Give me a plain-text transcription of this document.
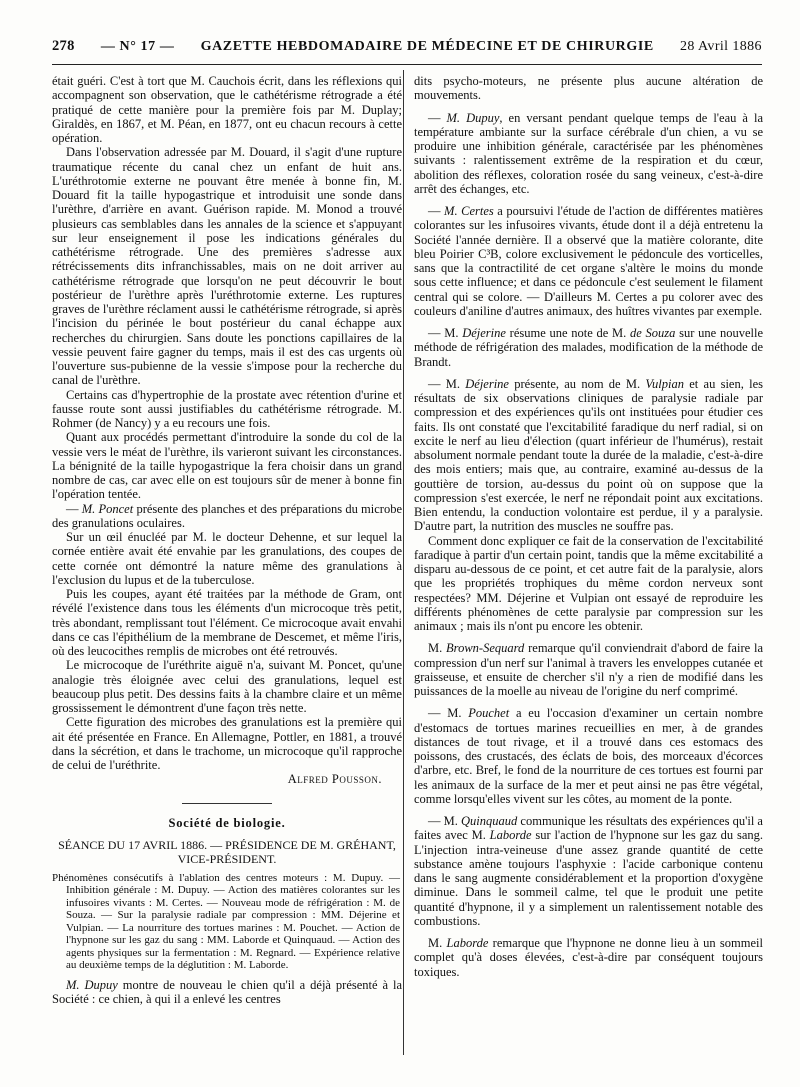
278 — N° 17 — GAZETTE HEBDOMADAIRE DE MÉDECINE ET DE CHIRURGIE 28 Avril 1886

était guéri. C'est à tort que M. Cauchois écrit, dans les réflexions qui accompagnent son observation, que le cathétérisme rétrograde a été pratiqué de cette manière pour la première fois par M. Duplay; Giraldès, en 1867, et M. Péan, en 1877, ont eu chacun recours à cette opération.

Dans l'observation adressée par M. Douard, il s'agit d'une rupture traumatique récente du canal chez un enfant de huit ans. L'uréthrotomie externe ne pouvant être menée à bonne fin, M. Douard fit la taille hypogastrique et introduisit une sonde dans l'urèthre, d'arrière en avant. Guérison rapide. M. Monod a trouvé plusieurs cas semblables dans les annales de la science et s'appuyant sur leur enseignement il pose les indications générales du cathétérisme rétrograde. Une des premières s'adresse aux rétrécissements dits infranchissables, mais on ne doit arriver au cathétérisme rétrograde que lorsqu'on ne peut découvrir le bout postérieur de l'urèthre après l'uréthrotomie externe. Les ruptures graves de l'urèthre réclament aussi le cathétérisme rétrograde, si après l'incision du périnée le bout postérieur du canal échappe aux recherches du chirurgien. Sans doute les ponctions capillaires de la vessie peuvent faire gagner du temps, mais il est des cas urgents où l'ouverture sus-pubienne de la vessie s'impose pour la recherche du canal de l'urèthre.

Certains cas d'hypertrophie de la prostate avec rétention d'urine et fausse route sont aussi justifiables du cathétérisme rétrograde. M. Rohmer (de Nancy) y a eu recours une fois.

Quant aux procédés permettant d'introduire la sonde du col de la vessie vers le méat de l'urèthre, ils varieront suivant les circonstances. La bénignité de la taille hypogastrique la fera choisir dans un grand nombre de cas, car avec elle on est toujours sûr de mener à bonne fin l'opération tentée.

— M. Poncet présente des planches et des préparations du microbe des granulations oculaires.

Sur un œil énucléé par M. le docteur Dehenne, et sur lequel la cornée entière avait été envahie par les granulations, des coupes de cette cornée ont démontré la nature même des granulations à l'exclusion du lupus et de la tuberculose.

Puis les coupes, ayant été traitées par la méthode de Gram, ont révélé l'existence dans tous les éléments d'un microcoque très petit, très abondant, remplissant tout l'élément. Ce microcoque avait envahi dans ce cas l'épithélium de la membrane de Descemet, et même l'iris, où des leucocithes remplis de microbes ont été retrouvés.

Le microcoque de l'uréthrite aiguë n'a, suivant M. Poncet, qu'une analogie très éloignée avec celui des granulations, lequel est beaucoup plus petit. Des dessins faits à la chambre claire et un même grossissement le démontrent d'une façon très nette.

Cette figuration des microbes des granulations est la première qui ait été présentée en France. En Allemagne, Pottler, en 1881, a trouvé dans la sécrétion, et dans le trachome, un microcoque qu'il rapproche de celui de l'uréthrite.

Alfred Pousson.

Société de biologie.
SÉANCE DU 17 AVRIL 1886. — PRÉSIDENCE DE M. GRÉHANT,
VICE-PRÉSIDENT.

Phénomènes consécutifs à l'ablation des centres moteurs : M. Dupuy. — Inhibition générale : M. Dupuy. — Action des matières colorantes sur les infusoires vivants : M. Certes. — Nouveau mode de réfrigération : M. de Souza. — Sur la paralysie radiale par compression : MM. Déjerine et Vulpian. — La nourriture des tortues marines : M. Pouchet. — Action de l'hypnone sur les gaz du sang : MM. Laborde et Quinquaud. — Action des agents physiques sur la fermentation : M. Regnard. — Expérience relative au deuxième temps de la déglutition : M. Laborde.

M. Dupuy montre de nouveau le chien qu'il a déjà présenté à la Société : ce chien, à qui il a enlevé les centres

dits psycho-moteurs, ne présente plus aucune altération de mouvements.

— M. Dupuy, en versant pendant quelque temps de l'eau à la température ambiante sur la surface cérébrale d'un chien, a vu se produire une inhibition générale, caractérisée par les phénomènes suivants : ralentissement extrême de la respiration et du cœur, abolition des réflexes, coloration rosée du sang veineux, c'est-à-dire arrêt des échanges, etc.

— M. Certes a poursuivi l'étude de l'action de différentes matières colorantes sur les infusoires vivants, étude dont il a déjà entretenu la Société l'année dernière. Il a observé que la matière colorante, dite bleu Poirier C³B, colore exclusivement le pédoncule des vorticelles, sans que la contractilité de cet organe s'altère le moins du monde sous cette influence; et dans ce pédoncule c'est seulement le filament central qui se colore. — D'ailleurs M. Certes a pu colorer avec des couleurs d'aniline d'autres animaux, des huîtres vivantes par exemple.

— M. Déjerine résume une note de M. de Souza sur une nouvelle méthode de réfrigération des malades, modification de la méthode de Brandt.

— M. Déjerine présente, au nom de M. Vulpian et au sien, les résultats de six observations cliniques de paralysie radiale par compression et des expériences qu'ils ont instituées pour étudier ces faits. Ils ont constaté que l'excitabilité faradique du nerf radial, si on excite le nerf au lieu d'élection (quart inférieur de l'humérus), restait absolument normale pendant toute la durée de la maladie, c'est-à-dire des mois entiers; mais que, au contraire, examiné au-dessus de la gouttière de torsion, au-dessus du point où on suppose que la compression s'est exercée, le nerf ne répondait point aux excitations. Bien entendu, la conduction volontaire est perdue, il y a paralysie. D'autre part, la nutrition des muscles ne souffre pas.

Comment donc expliquer ce fait de la conservation de l'excitabilité faradique à partir d'un certain point, tandis que la même excitabilité a disparu au-dessous de ce point, et cet autre fait de la paralysie, alors que les propriétés trophiques du même cordon nerveux sont respectées? MM. Déjerine et Vulpian ont essayé de reproduire les différents phénomènes de cette paralysie par compression sur les animaux ; mais ils n'ont pu encore les obtenir.

M. Brown-Sequard remarque qu'il conviendrait d'abord de faire la compression d'un nerf sur l'animal à travers les enveloppes cutanée et graisseuse, et ensuite de chercher s'il n'y a rien de modifié dans les puissances de la moelle au niveau de l'origine du nerf comprimé.

— M. Pouchet a eu l'occasion d'examiner un certain nombre d'estomacs de tortues marines recueillies en mer, à de grandes distances de tout rivage, et il a trouvé dans ces estomacs des poissons, des crustacés, des éclats de bois, des morceaux d'écorces d'arbre, etc. Bref, le fond de la nourriture de ces tortues est fourni par les animaux de la surface de la mer et peut ainsi ne pas être végétal, comme lorsqu'elles vivent sur les côtes, au moment de la ponte.

— M. Quinquaud communique les résultats des expériences qu'il a faites avec M. Laborde sur l'action de l'hypnone sur les gaz du sang. L'injection intra-veineuse d'une assez grande quantité de cette substance amène toujours l'asphyxie : l'acide carbonique contenu dans le sang augmente considérablement et la proportion d'oxygène diminue. Dans le sommeil calme, tel que le produit une petite quantité d'hypnone, il y a simplement un ralentissement notable des combustions.

M. Laborde remarque que l'hypnone ne donne lieu à un sommeil complet qu'à doses élevées, c'est-à-dire par conséquent toujours toxiques.
